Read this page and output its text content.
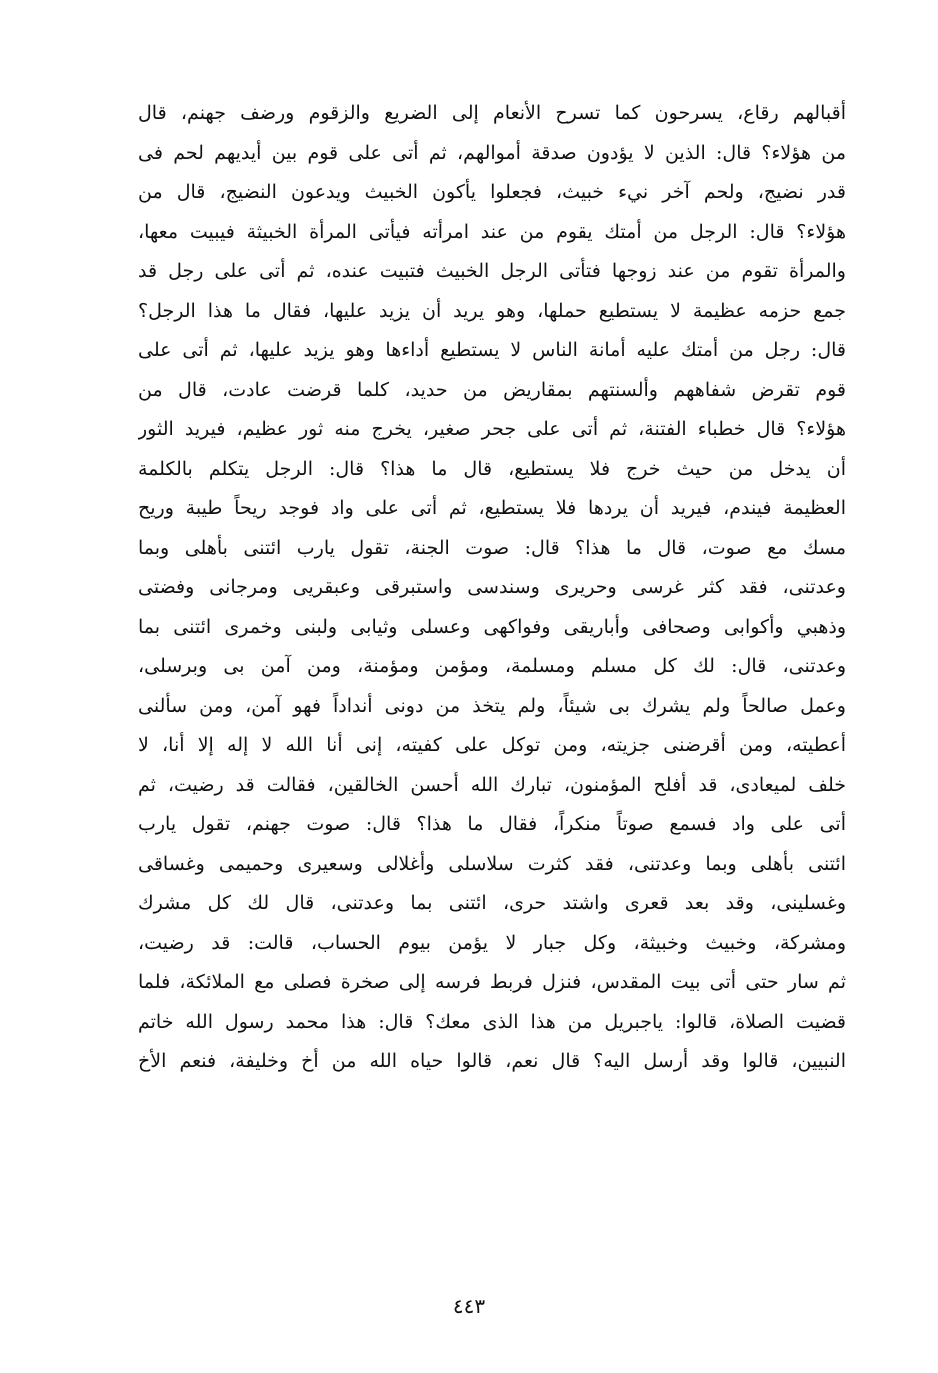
أقبالهم رقاع، يسرحون كما تسرح الأنعام إلى الضريع والزقوم ورضف جهنم، قال
من هؤلاء؟ قال: الذين لا يؤدون صدقة أموالهم، ثم أتى على قوم بين أيديهم لحم فى
قدر نضيج، ولحم آخر نيء خبيث، فجعلوا يأكون الخبيث ويدعون النضيج، قال من
هؤلاء؟ قال: الرجل من أمتك يقوم من عند امرأته فيأتى المرأة الخبيثة فيبيت معها،
والمرأة تقوم من عند زوجها فتأتى الرجل الخبيث فتبيت عنده، ثم أتى على رجل قد
جمع حزمه عظيمة لا يستطيع حملها، وهو يريد أن يزيد عليها، فقال ما هذا الرجل؟
قال: رجل من أمتك عليه أمانة الناس لا يستطيع أداءها وهو يزيد عليها، ثم أتى على
قوم تقرض شفاههم وألسنتهم بمقاريض من حديد، كلما قرضت عادت، قال من
هؤلاء؟ قال خطباء الفتنة، ثم أتى على جحر صغير، يخرج منه ثور عظيم، فيريد الثور
أن يدخل من حيث خرج فلا يستطيع، قال ما هذا؟ قال: الرجل يتكلم بالكلمة
العظيمة فيندم، فيريد أن يردها فلا يستطيع، ثم أتى على واد فوجد ريحاً طيبة وريح
مسك مع صوت، قال ما هذا؟ قال: صوت الجنة، تقول يارب ائتنى بأهلى وبما
وعدتنى، فقد كثر غرسى وحريرى وسندسى واستبرقى وعبقريى ومرجانى وفضتى
وذهبي وأكوابى وصحافى وأباريقى وفواكهى وعسلى وثيابى ولبنى وخمرى ائتنى بما
وعدتنى، قال: لك كل مسلم ومسلمة، ومؤمن ومؤمنة، ومن آمن بى وبرسلى،
وعمل صالحاً ولم يشرك بى شيئاً، ولم يتخذ من دونى أنداداً فهو آمن، ومن سألنى
أعطيته، ومن أقرضنى جزيته، ومن توكل على كفيته، إنى أنا الله لا إله إلا أنا، لا
خلف لميعادى، قد أفلح المؤمنون، تبارك الله أحسن الخالقين، فقالت قد رضيت، ثم
أتى على واد فسمع صوتاً منكراً، فقال ما هذا؟ قال: صوت جهنم، تقول يارب
ائتنى بأهلى وبما وعدتنى، فقد كثرت سلاسلى وأغلالى وسعيرى وحميمى وغساقى
وغسلينى، وقد بعد قعرى واشتد حرى، ائتنى بما وعدتنى، قال لك كل مشرك
ومشركة، وخبيث وخبيثة، وكل جبار لا يؤمن بيوم الحساب، قالت: قد رضيت،
ثم سار حتى أتى بيت المقدس، فنزل فربط فرسه إلى صخرة فصلى مع الملائكة، فلما
قضيت الصلاة، قالوا: ياجبريل من هذا الذى معك؟ قال: هذا محمد رسول الله خاتم
النبيين، قالوا وقد أرسل اليه؟ قال نعم، قالوا حياه الله من أخ وخليفة، فنعم الأخ
٤٤٣
